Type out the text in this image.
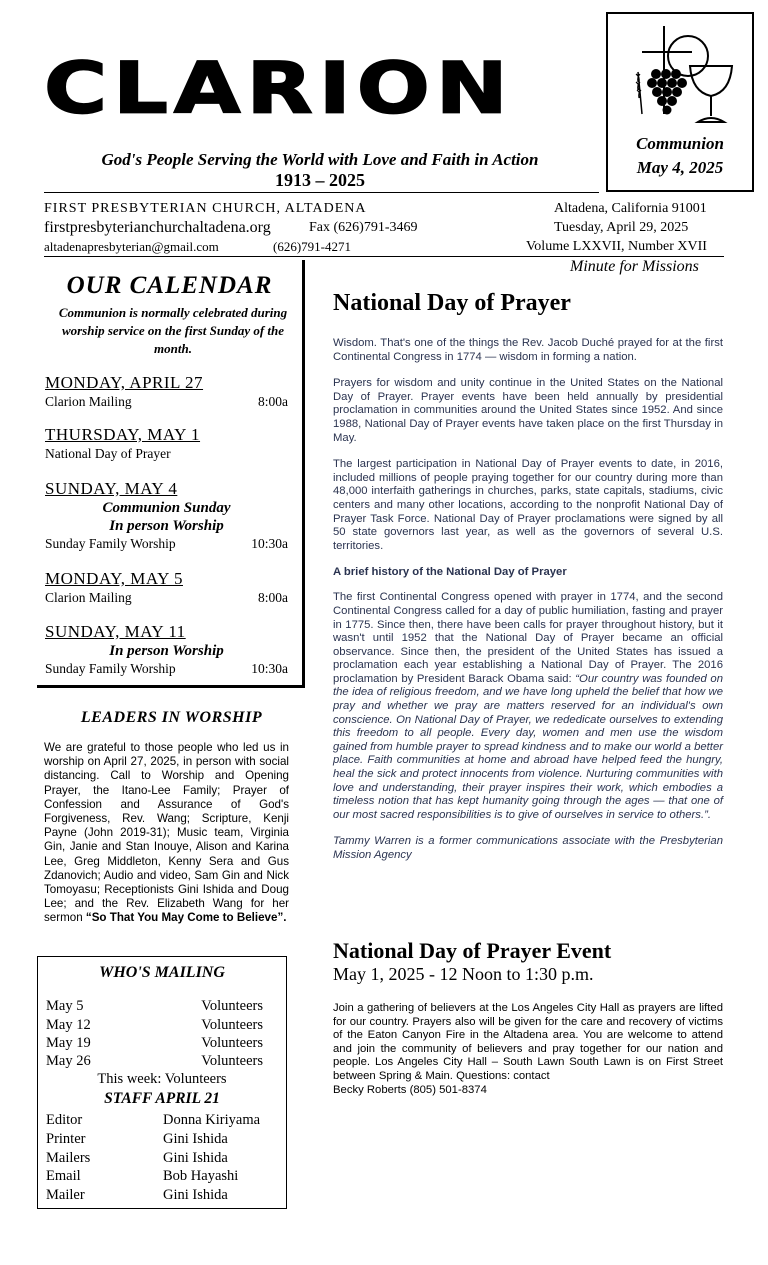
CLARION
God's People Serving the World with Love and Faith in Action
1913 – 2025
Communion
May 4, 2025
FIRST PRESBYTERIAN CHURCH, ALTADENA	Altadena, California 91001
firstpresbyterianchurchaltadena.org	Fax (626)791-3469	Tuesday, April 29, 2025
altadenapresbyterian@gmail.com	(626)791-4271	Volume LXXVII, Number XVII
Minute for Missions
OUR CALENDAR
Communion is normally celebrated during worship service on the first Sunday of the month.
MONDAY, APRIL 27
Clarion Mailing	8:00a
THURSDAY, MAY 1
National Day of Prayer
SUNDAY, MAY 4
Communion Sunday
In person Worship
Sunday Family Worship	10:30a
MONDAY, MAY 5
Clarion Mailing	8:00a
SUNDAY, MAY 11
In person Worship
Sunday Family Worship	10:30a
LEADERS IN WORSHIP
We are grateful to those people who led us in worship on April 27, 2025, in person with social distancing. Call to Worship and Opening Prayer, the Itano-Lee Family; Prayer of Confession and Assurance of God's Forgiveness, Rev. Wang; Scripture, Kenji Payne (John 2019-31); Music team, Virginia Gin, Janie and Stan Inouye, Alison and Karina Lee, Greg Middleton, Kenny Sera and Gus Zdanovich; Audio and video, Sam Gin and Nick Tomoyasu; Receptionists Gini Ishida and Doug Lee; and the Rev. Elizabeth Wang for her sermon “So That You May Come to Believe”.
WHO'S MAILING
May 5	Volunteers
May 12	Volunteers
May 19	Volunteers
May 26	Volunteers
This week: Volunteers
STAFF APRIL 21
Editor	Donna Kiriyama
Printer	Gini Ishida
Mailers	Gini Ishida
Email	Bob Hayashi
Mailer	Gini Ishida
National Day of Prayer

Wisdom. That's one of the things the Rev. Jacob Duché prayed for at the first Continental Congress in 1774 — wisdom in forming a nation.

Prayers for wisdom and unity continue in the United States on the National Day of Prayer. Prayer events have been held annually by presidential proclamation in communities around the United States since 1952. And since 1988, National Day of Prayer events have taken place on the first Thursday in May.

The largest participation in National Day of Prayer events to date, in 2016, included millions of people praying together for our country during more than 48,000 interfaith gatherings in churches, parks, state capitals, stadiums, civic centers and many other locations, according to the nonprofit National Day of Prayer Task Force. National Day of Prayer proclamations were signed by all 50 state governors last year, as well as the governors of several U.S. territories.

A brief history of the National Day of Prayer

The first Continental Congress opened with prayer in 1774, and the second Continental Congress called for a day of public humiliation, fasting and prayer in 1775. Since then, there have been calls for prayer throughout history, but it wasn't until 1952 that the National Day of Prayer became an official observance. Since then, the president of the United States has issued a proclamation each year establishing a National Day of Prayer. The 2016 proclamation by President Barack Obama said: “Our country was founded on the idea of religious freedom, and we have long upheld the belief that how we pray and whether we pray are matters reserved for an individual's own conscience. On National Day of Prayer, we rededicate ourselves to extending this freedom to all people. Every day, women and men use the wisdom gained from humble prayer to spread kindness and to make our world a better place. Faith communities at home and abroad have helped feed the hungry, heal the sick and protect innocents from violence. Nurturing communities with love and understanding, their prayer inspires their work, which embodies a timeless notion that has kept humanity going through the ages — that one of our most sacred responsibilities is to give of ourselves in service to others.”.

Tammy Warren is a former communications associate with the Presbyterian Mission Agency

National Day of Prayer Event
May 1, 2025 - 12 Noon to 1:30 p.m.
Join a gathering of believers at the Los Angeles City Hall as prayers are lifted for our country. Prayers also will be given for the care and recovery of victims of the Eaton Canyon Fire in the Altadena area. You are welcome to attend and join the community of believers and pray together for our nation and people. Los Angeles City Hall – South Lawn South Lawn is on First Street between Spring & Main. Questions: contact
Becky Roberts (805) 501-8374
